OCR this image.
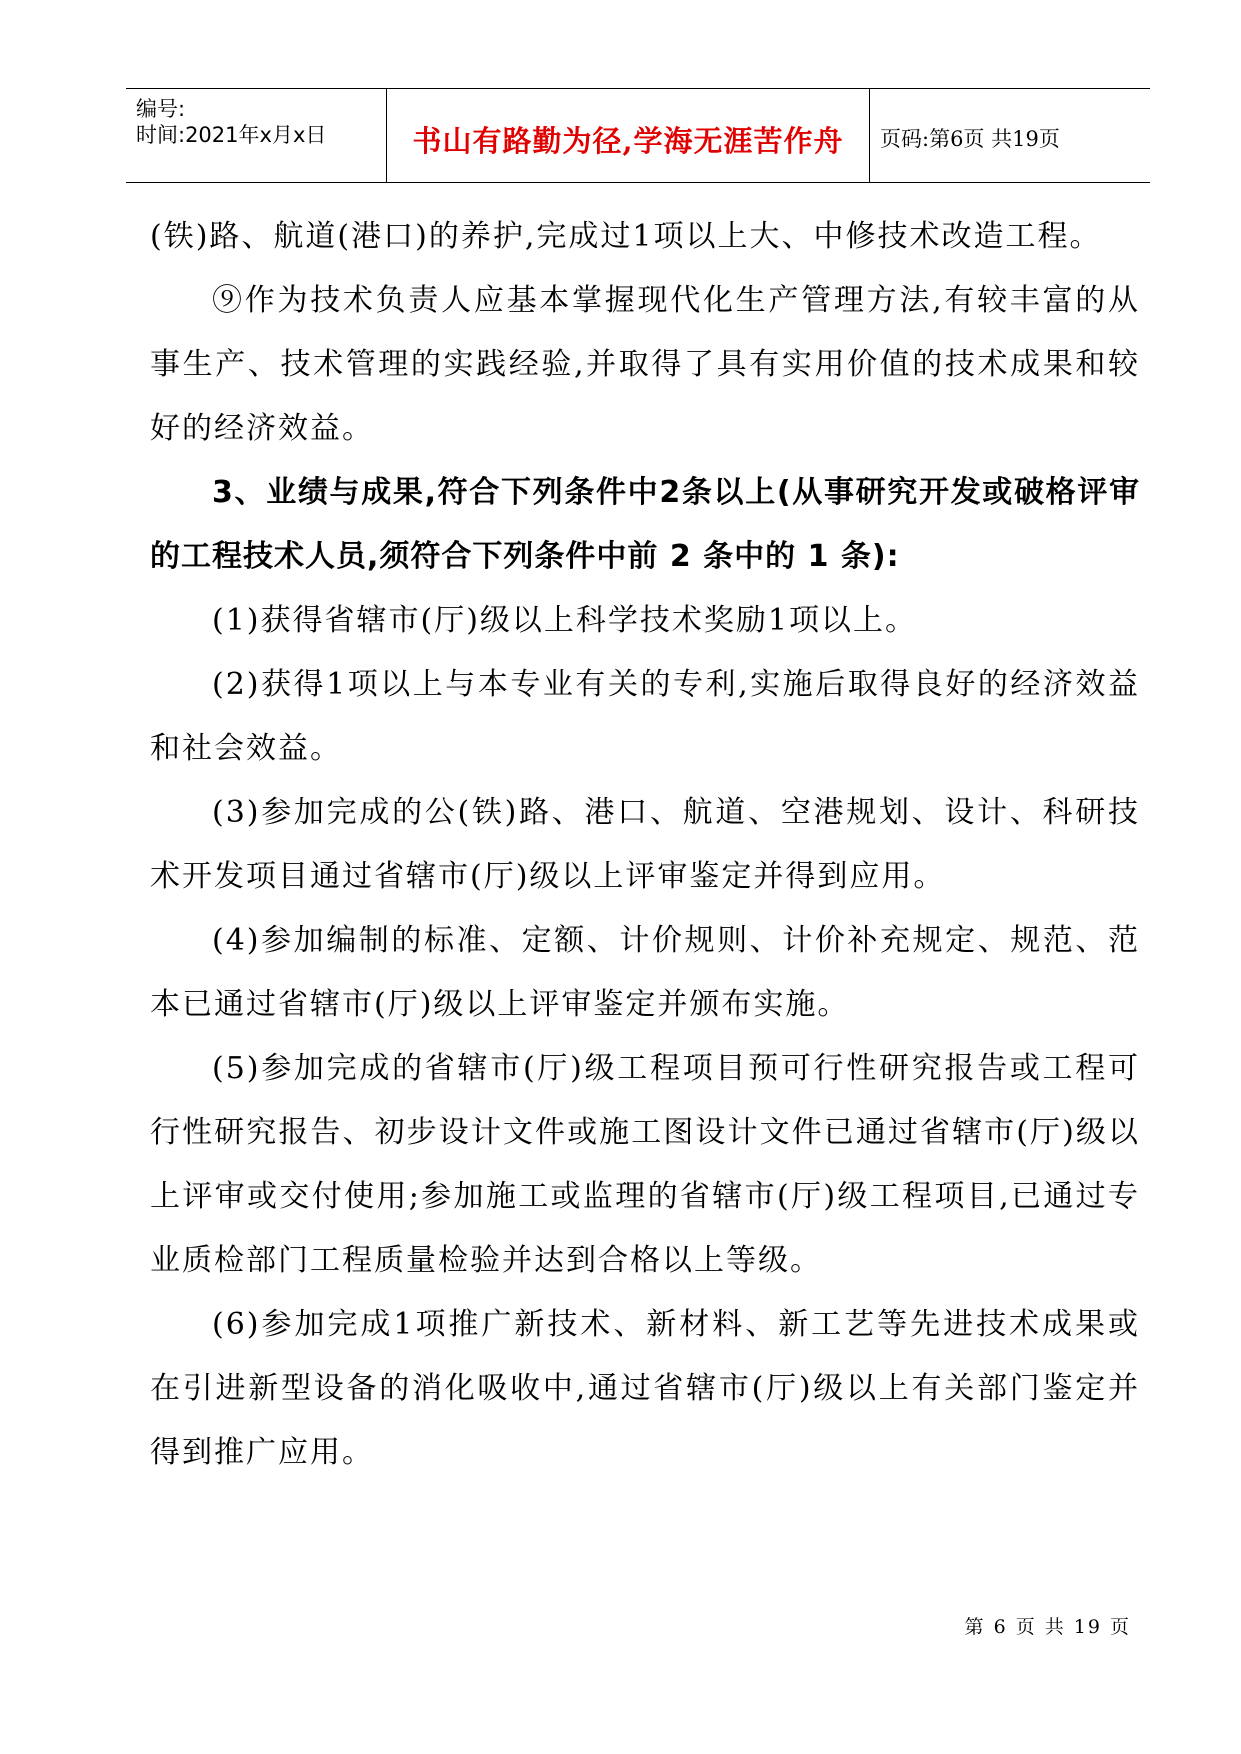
编号:
时间:2021年x月x日	书山有路勤为径,学海无涯苦作舟	页码:第6页 共19页

(铁)路、航道(港口)的养护,完成过1项以上大、中修技术改造工程。

⑨作为技术负责人应基本掌握现代化生产管理方法,有较丰富的从事生产、技术管理的实践经验,并取得了具有实用价值的技术成果和较好的经济效益。

3、业绩与成果,符合下列条件中2条以上(从事研究开发或破格评审的工程技术人员,须符合下列条件中前 2 条中的 1 条):

(1)获得省辖市(厅)级以上科学技术奖励1项以上。

(2)获得1项以上与本专业有关的专利,实施后取得良好的经济效益和社会效益。

(3)参加完成的公(铁)路、港口、航道、空港规划、设计、科研技术开发项目通过省辖市(厅)级以上评审鉴定并得到应用。

(4)参加编制的标准、定额、计价规则、计价补充规定、规范、范本已通过省辖市(厅)级以上评审鉴定并颁布实施。

(5)参加完成的省辖市(厅)级工程项目预可行性研究报告或工程可行性研究报告、初步设计文件或施工图设计文件已通过省辖市(厅)级以上评审或交付使用;参加施工或监理的省辖市(厅)级工程项目,已通过专业质检部门工程质量检验并达到合格以上等级。

(6)参加完成1项推广新技术、新材料、新工艺等先进技术成果或在引进新型设备的消化吸收中,通过省辖市(厅)级以上有关部门鉴定并得到推广应用。

第 6 页 共 19 页
